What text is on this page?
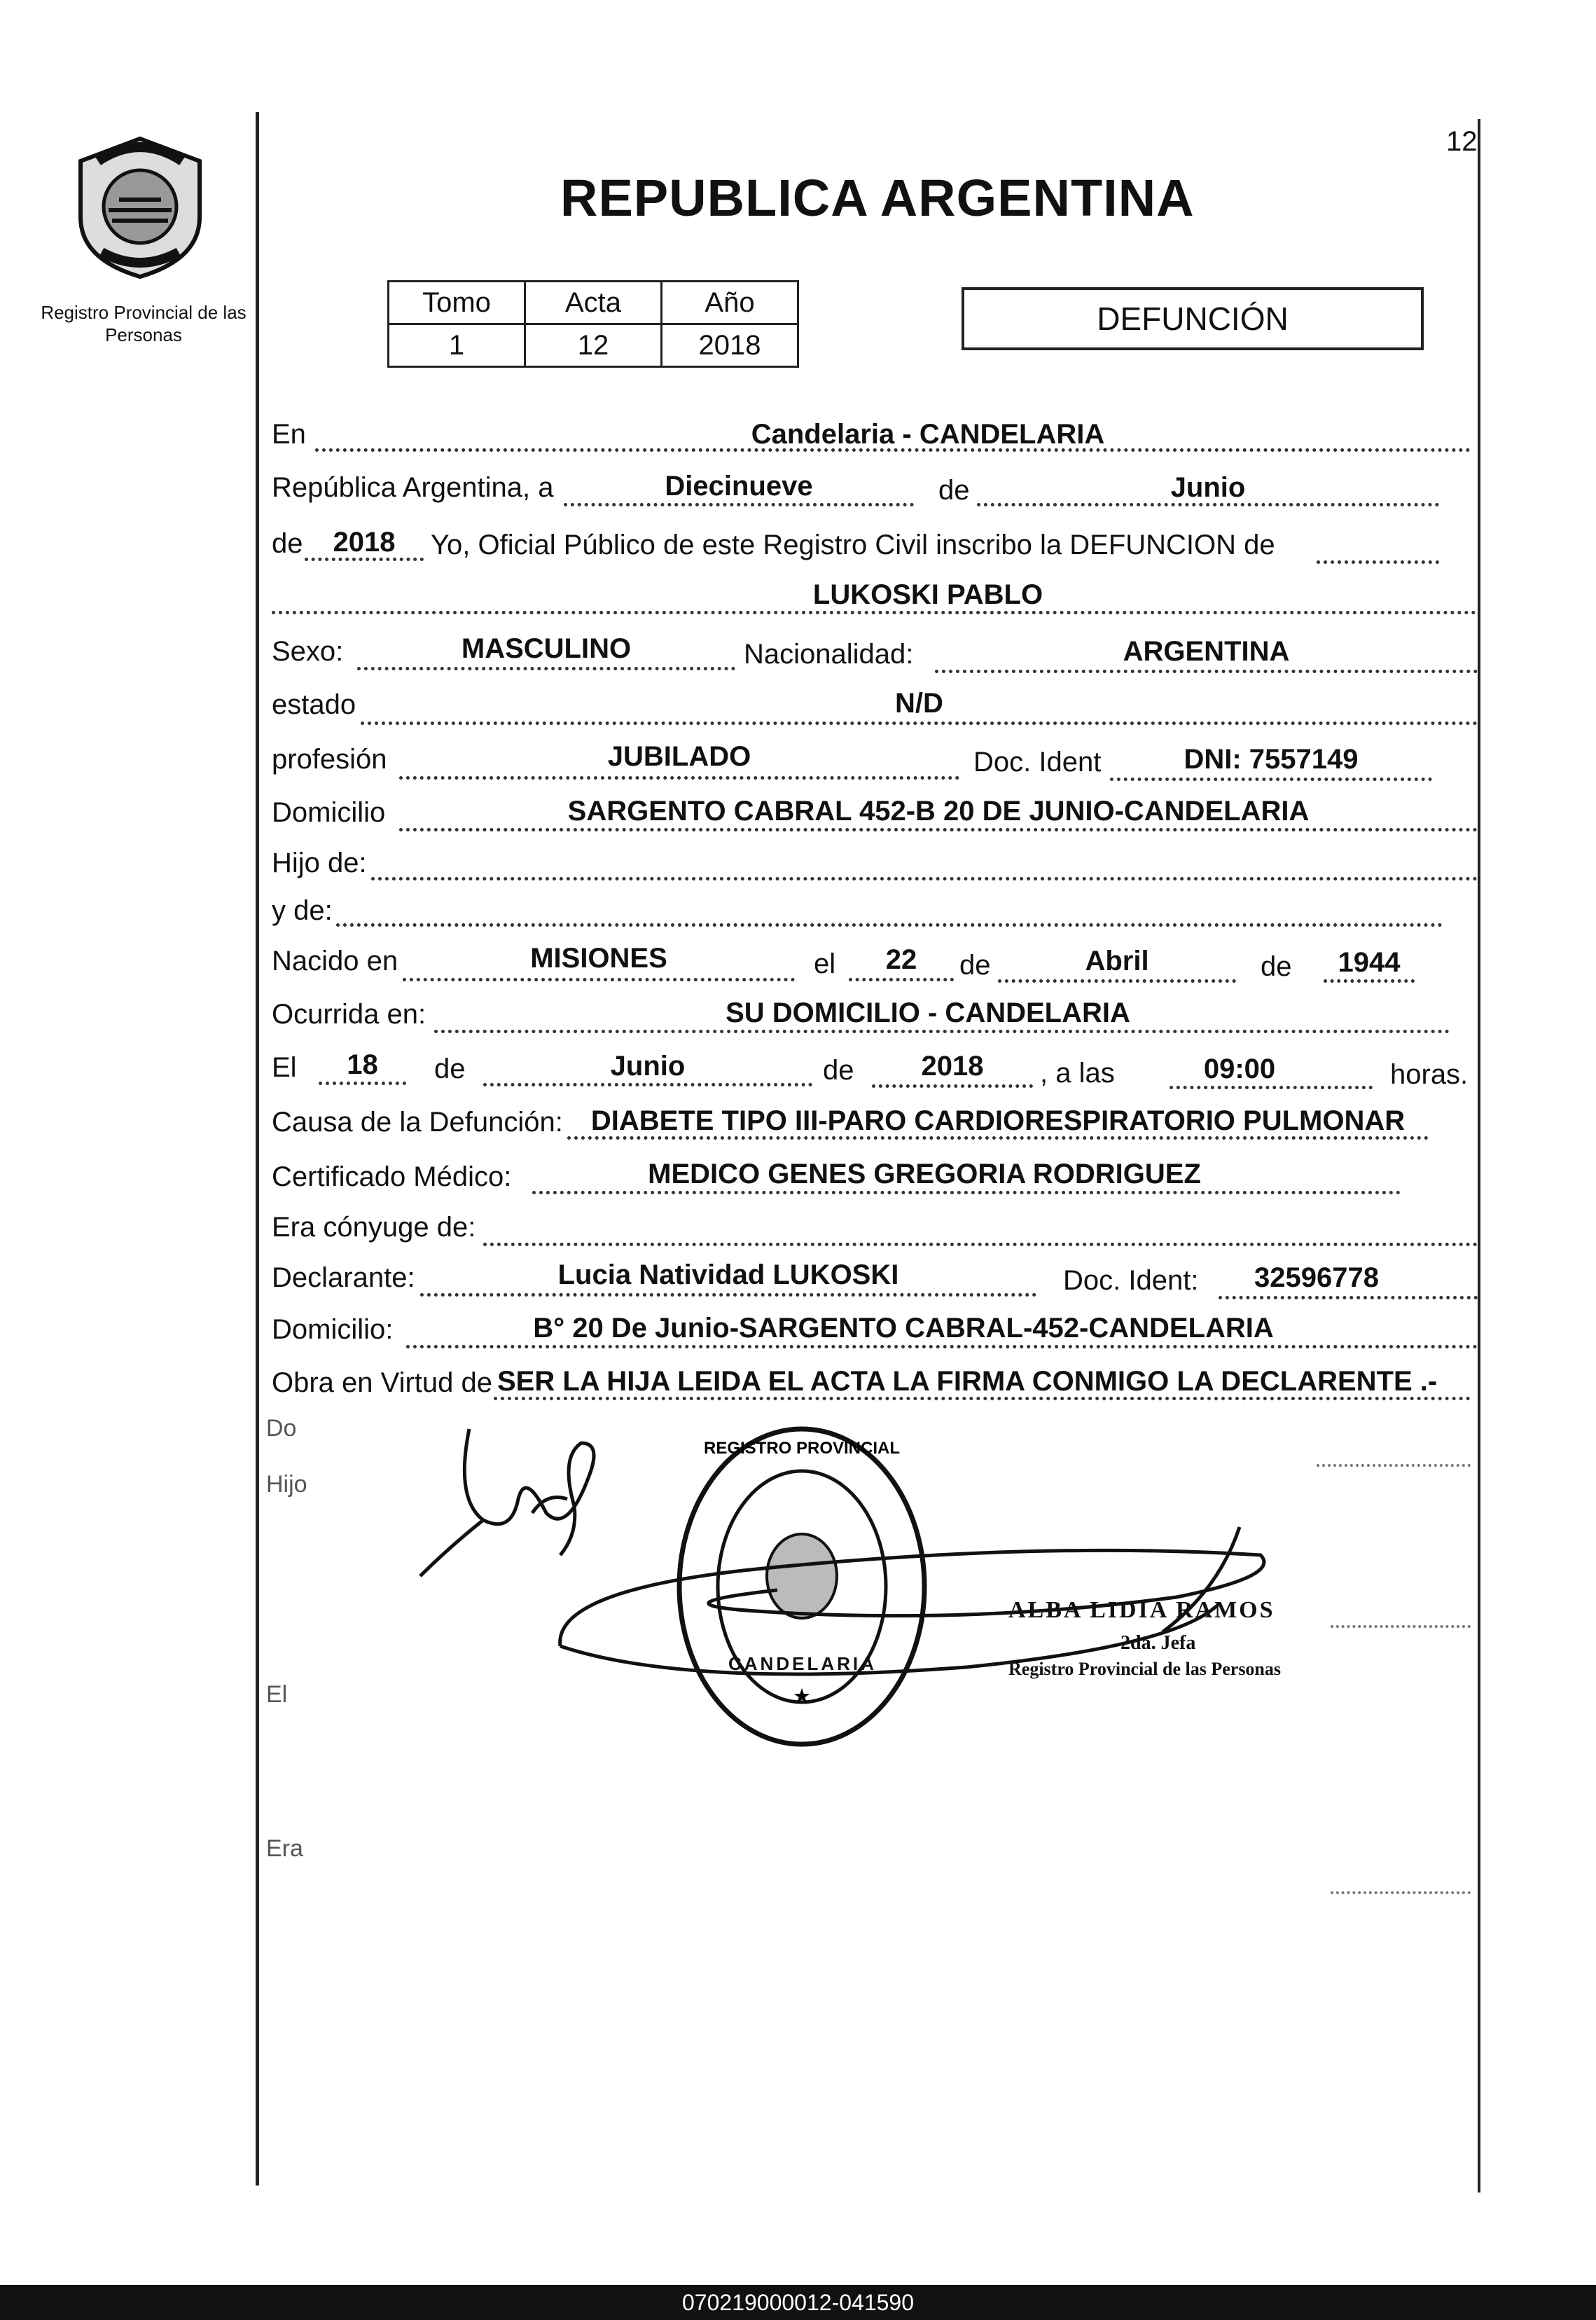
Registro Provincial de las Personas
12
REPUBLICA ARGENTINA
Tomo	Acta	Año
1	12	2018
DEFUNCIÓN
En	Candelaria - CANDELARIA
República Argentina, a	Diecinueve	de	Junio
de	2018	Yo, Oficial Público de este Registro Civil inscribo la DEFUNCION de
LUKOSKI PABLO
Sexo:	MASCULINO	Nacionalidad:	ARGENTINA
estado	N/D
profesión	JUBILADO	Doc. Ident	DNI: 7557149
Domicilio	SARGENTO CABRAL 452-B 20 DE JUNIO-CANDELARIA
Hijo de:
y de:
Nacido en	MISIONES	el	22	de	Abril	de	1944
Ocurrida en:	SU DOMICILIO - CANDELARIA
El	18	de	Junio	de	2018	, a las	09:00	horas.
Causa de la Defunción:	DIABETE TIPO III-PARO CARDIORESPIRATORIO PULMONAR
Certificado Médico:	MEDICO GENES GREGORIA RODRIGUEZ
Era cónyuge de:
Declarante:	Lucia Natividad LUKOSKI	Doc. Ident:	32596778
Domicilio:	B° 20 De Junio-SARGENTO CABRAL-452-CANDELARIA
Obra en Virtud de SER LA HIJA LEIDA EL ACTA LA FIRMA CONMIGO LA DECLARENTE .-
Do
Hijo
El
Era
REGISTRO PROVINCIAL
★
CANDELARIA
ALBA LIDIA RAMOS
2da. Jefa
Registro Provincial de las Personas
070219000012-041590
